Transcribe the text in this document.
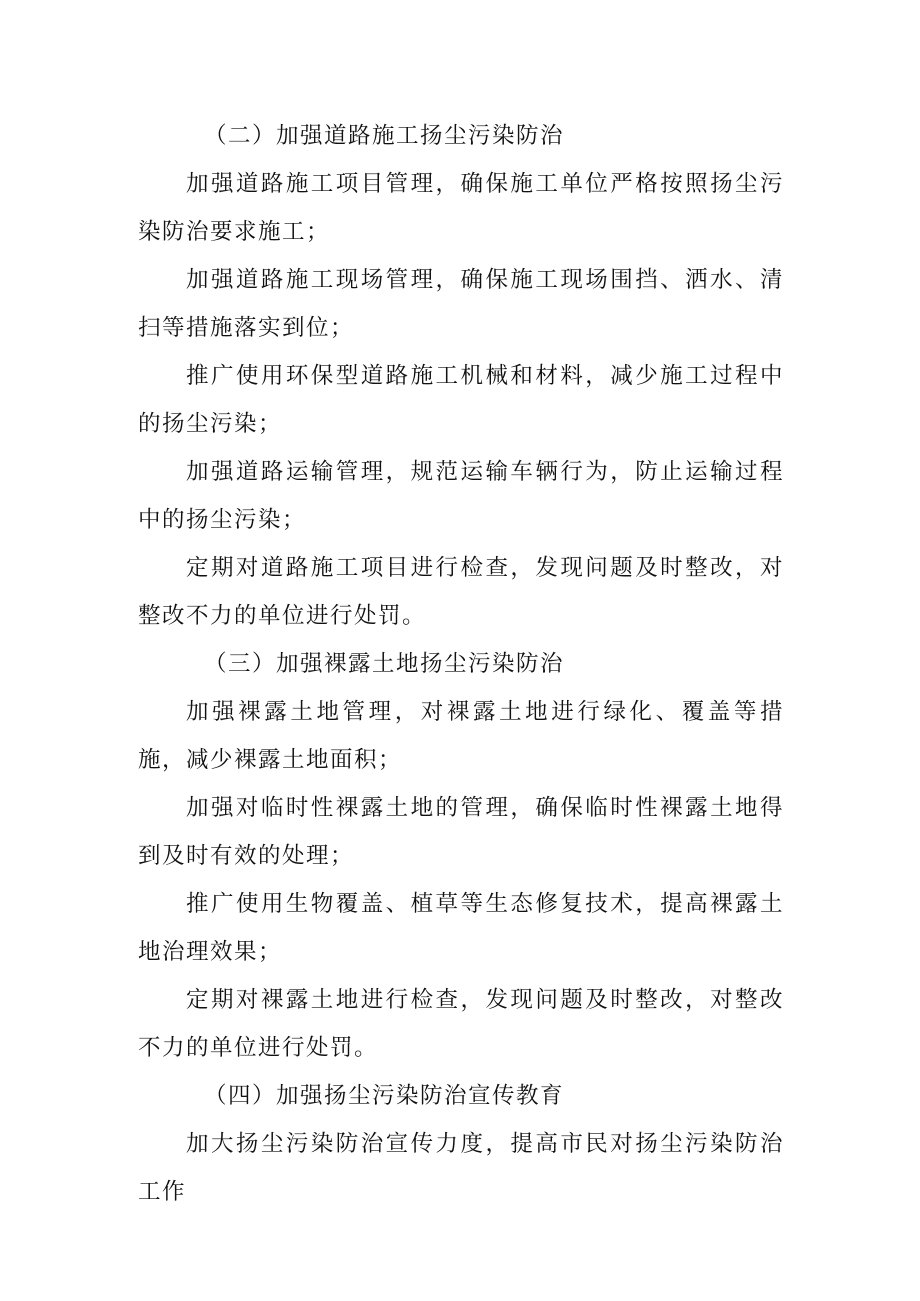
（二）加强道路施工扬尘污染防治

加强道路施工项目管理，确保施工单位严格按照扬尘污染防治要求施工；

加强道路施工现场管理，确保施工现场围挡、洒水、清扫等措施落实到位；

推广使用环保型道路施工机械和材料，减少施工过程中的扬尘污染；

加强道路运输管理，规范运输车辆行为，防止运输过程中的扬尘污染；

定期对道路施工项目进行检查，发现问题及时整改，对整改不力的单位进行处罚。

（三）加强裸露土地扬尘污染防治

加强裸露土地管理，对裸露土地进行绿化、覆盖等措施，减少裸露土地面积；

加强对临时性裸露土地的管理，确保临时性裸露土地得到及时有效的处理；

推广使用生物覆盖、植草等生态修复技术，提高裸露土地治理效果；

定期对裸露土地进行检查，发现问题及时整改，对整改不力的单位进行处罚。

（四）加强扬尘污染防治宣传教育

加大扬尘污染防治宣传力度，提高市民对扬尘污染防治工作
